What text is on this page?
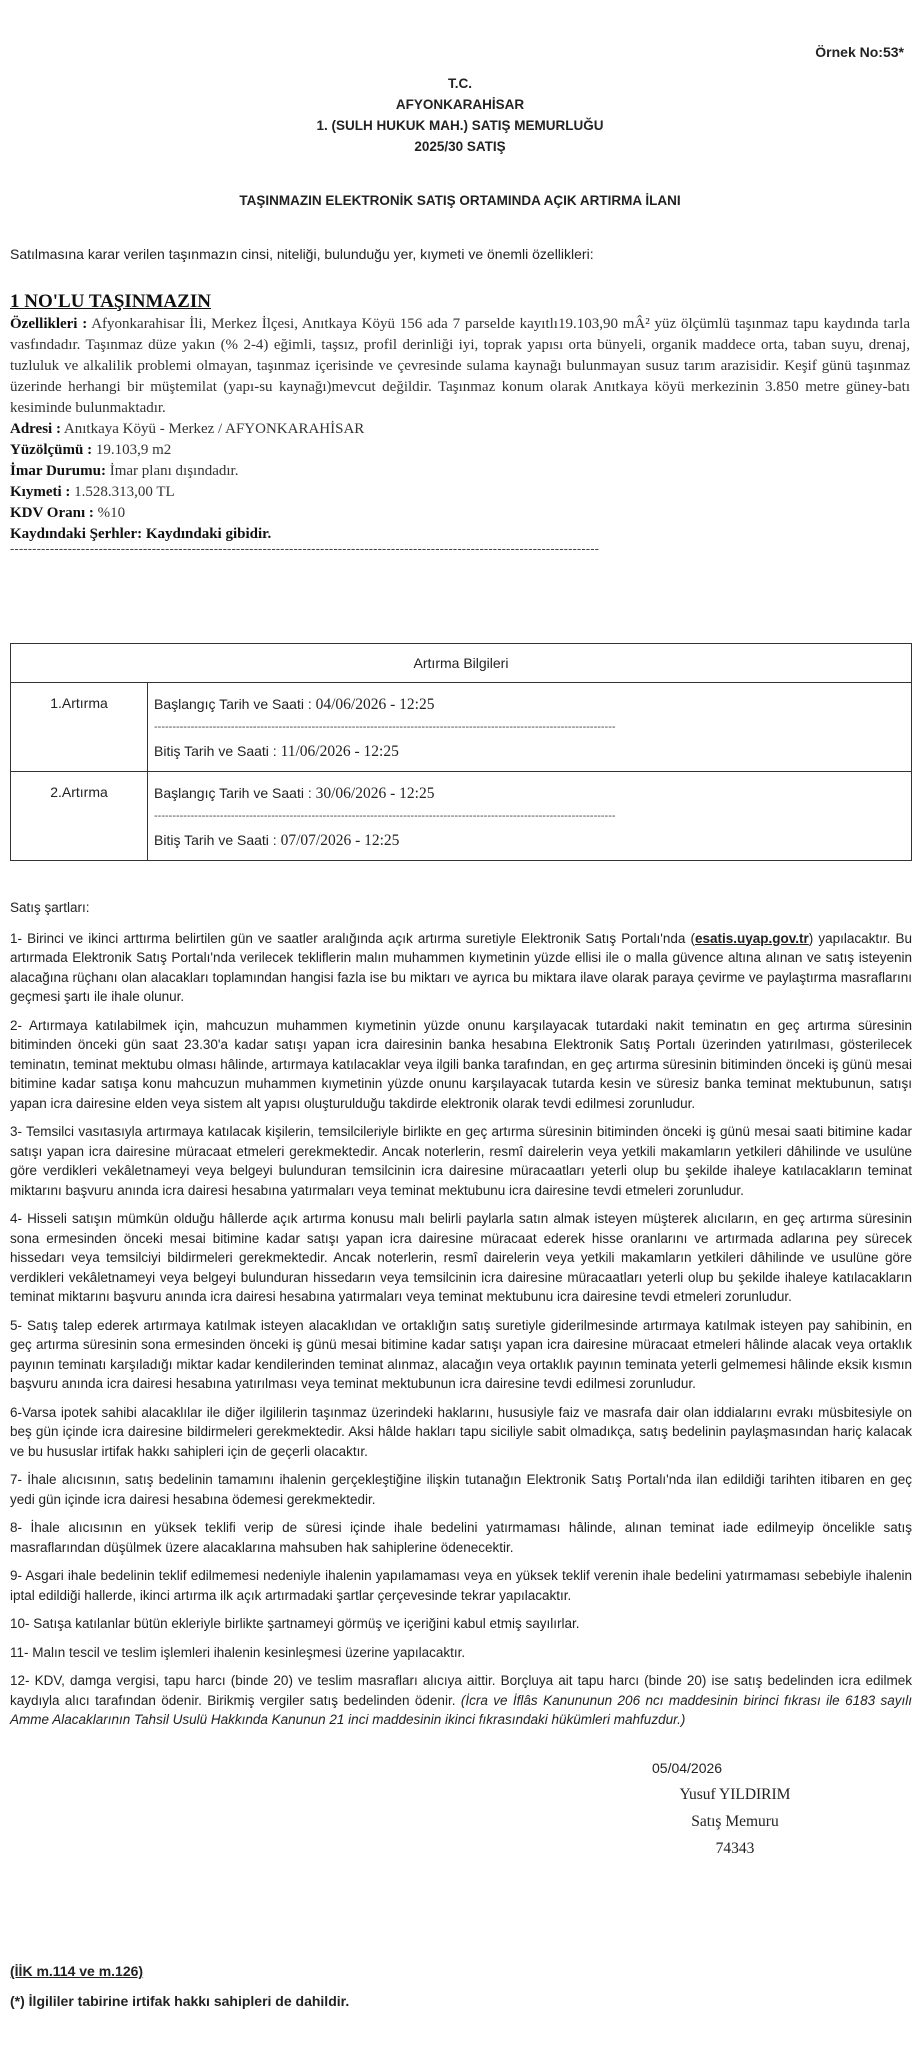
Örnek No:53*
T.C.
AFYONKARAHİSAR
1. (SULH HUKUK MAH.) SATIŞ MEMURLUĞU
2025/30 SATIŞ
TAŞINMAZIN ELEKTRONİK SATIŞ ORTAMINDA AÇIK ARTIRMA İLANI
Satılmasına karar verilen taşınmazın cinsi, niteliği, bulunduğu yer, kıymeti ve önemli özellikleri:
1 NO'LU TAŞINMAZIN

Özellikleri : Afyonkarahisar İli, Merkez İlçesi, Anıtkaya Köyü 156 ada 7 parselde kayıtlı19.103,90 mÂ² yüz ölçümlü taşınmaz tapu kaydında tarla vasfındadır. Taşınmaz düze yakın (% 2-4) eğimli, taşsız, profil derinliği iyi, toprak yapısı orta bünyeli, organik maddece orta, taban suyu, drenaj, tuzluluk ve alkalilik problemi olmayan, taşınmaz içerisinde ve çevresinde sulama kaynağı bulunmayan susuz tarım arazisidir. Keşif günü taşınmaz üzerinde herhangi bir müştemilat (yapı-su kaynağı)mevcut değildir. Taşınmaz konum olarak Anıtkaya köyü merkezinin 3.850 metre güney-batı kesiminde bulunmaktadır.

Adresi : Anıtkaya Köyü - Merkez / AFYONKARAHİSAR

Yüzölçümü : 19.103,9 m2

İmar Durumu: İmar planı dışındadır.

Kıymeti : 1.528.313,00 TL

KDV Oranı : %10

Kaydındaki Şerhler: Kaydındaki gibidir.

-------------------------------------------------------------------------------------------------------------------------------------
Artırma Bilgileri	
1.Artırma	Başlangıç Tarih ve Saati : 04/06/2026 - 12:25
------------------------------------------------------------------------------------------------------------------------------
Bitiş Tarih ve Saati : 11/06/2026 - 12:25

2.Artırma	Başlangıç Tarih ve Saati : 30/06/2026 - 12:25
------------------------------------------------------------------------------------------------------------------------------
Bitiş Tarih ve Saati : 07/07/2026 - 12:25

Satış şartları:

1- Birinci ve ikinci arttırma belirtilen gün ve saatler aralığında açık artırma suretiyle Elektronik Satış Portalı'nda (esatis.uyap.gov.tr) yapılacaktır. Bu artırmada Elektronik Satış Portalı'nda verilecek tekliflerin malın muhammen kıymetinin yüzde ellisi ile o malla güvence altına alınan ve satış isteyenin alacağına rüçhanı olan alacakları toplamından hangisi fazla ise bu miktarı ve ayrıca bu miktara ilave olarak paraya çevirme ve paylaştırma masraflarını geçmesi şartı ile ihale olunur.

2- Artırmaya katılabilmek için, mahcuzun muhammen kıymetinin yüzde onunu karşılayacak tutardaki nakit teminatın en geç artırma süresinin bitiminden önceki gün saat 23.30'a kadar satışı yapan icra dairesinin banka hesabına Elektronik Satış Portalı üzerinden yatırılması, gösterilecek teminatın, teminat mektubu olması hâlinde, artırmaya katılacaklar veya ilgili banka tarafından, en geç artırma süresinin bitiminden önceki iş günü mesai bitimine kadar satışa konu mahcuzun muhammen kıymetinin yüzde onunu karşılayacak tutarda kesin ve süresiz banka teminat mektubunun, satışı yapan icra dairesine elden veya sistem alt yapısı oluşturulduğu takdirde elektronik olarak tevdi edilmesi zorunludur.

3- Temsilci vasıtasıyla artırmaya katılacak kişilerin, temsilcileriyle birlikte en geç artırma süresinin bitiminden önceki iş günü mesai saati bitimine kadar satışı yapan icra dairesine müracaat etmeleri gerekmektedir. Ancak noterlerin, resmî dairelerin veya yetkili makamların yetkileri dâhilinde ve usulüne göre verdikleri vekâletnameyi veya belgeyi bulunduran temsilcinin icra dairesine müracaatları yeterli olup bu şekilde ihaleye katılacakların teminat miktarını başvuru anında icra dairesi hesabına yatırmaları veya teminat mektubunu icra dairesine tevdi etmeleri zorunludur.

4- Hisseli satışın mümkün olduğu hâllerde açık artırma konusu malı belirli paylarla satın almak isteyen müşterek alıcıların, en geç artırma süresinin sona ermesinden önceki mesai bitimine kadar satışı yapan icra dairesine müracaat ederek hisse oranlarını ve artırmada adlarına pey sürecek hissedarı veya temsilciyi bildirmeleri gerekmektedir. Ancak noterlerin, resmî dairelerin veya yetkili makamların yetkileri dâhilinde ve usulüne göre verdikleri vekâletnameyi veya belgeyi bulunduran hissedarın veya temsilcinin icra dairesine müracaatları yeterli olup bu şekilde ihaleye katılacakların teminat miktarını başvuru anında icra dairesi hesabına yatırmaları veya teminat mektubunu icra dairesine tevdi etmeleri zorunludur.

5- Satış talep ederek artırmaya katılmak isteyen alacaklıdan ve ortaklığın satış suretiyle giderilmesinde artırmaya katılmak isteyen pay sahibinin, en geç artırma süresinin sona ermesinden önceki iş günü mesai bitimine kadar satışı yapan icra dairesine müracaat etmeleri hâlinde alacak veya ortaklık payının teminatı karşıladığı miktar kadar kendilerinden teminat alınmaz, alacağın veya ortaklık payının teminata yeterli gelmemesi hâlinde eksik kısmın başvuru anında icra dairesi hesabına yatırılması veya teminat mektubunun icra dairesine tevdi edilmesi zorunludur.

6-Varsa ipotek sahibi alacaklılar ile diğer ilgililerin taşınmaz üzerindeki haklarını, hususiyle faiz ve masrafa dair olan iddialarını evrakı müsbitesiyle on beş gün içinde icra dairesine bildirmeleri gerekmektedir. Aksi hâlde hakları tapu siciliyle sabit olmadıkça, satış bedelinin paylaşmasından hariç kalacak ve bu hususlar irtifak hakkı sahipleri için de geçerli olacaktır.

7- İhale alıcısının, satış bedelinin tamamını ihalenin gerçekleştiğine ilişkin tutanağın Elektronik Satış Portalı'nda ilan edildiği tarihten itibaren en geç yedi gün içinde icra dairesi hesabına ödemesi gerekmektedir.

8- İhale alıcısının en yüksek teklifi verip de süresi içinde ihale bedelini yatırmaması hâlinde, alınan teminat iade edilmeyip öncelikle satış masraflarından düşülmek üzere alacaklarına mahsuben hak sahiplerine ödenecektir.

9- Asgari ihale bedelinin teklif edilmemesi nedeniyle ihalenin yapılamaması veya en yüksek teklif verenin ihale bedelini yatırmaması sebebiyle ihalenin iptal edildiği hallerde, ikinci artırma ilk açık artırmadaki şartlar çerçevesinde tekrar yapılacaktır.

10- Satışa katılanlar bütün ekleriyle birlikte şartnameyi görmüş ve içeriğini kabul etmiş sayılırlar.

11- Malın tescil ve teslim işlemleri ihalenin kesinleşmesi üzerine yapılacaktır.

12- KDV, damga vergisi, tapu harcı (binde 20) ve teslim masrafları alıcıya aittir. Borçluya ait tapu harcı (binde 20) ise satış bedelinden icra edilmek kaydıyla alıcı tarafından ödenir. Birikmiş vergiler satış bedelinden ödenir. (İcra ve İflâs Kanununun 206 ncı maddesinin birinci fıkrası ile 6183 sayılı Amme Alacaklarının Tahsil Usulü Hakkında Kanunun 21 inci maddesinin ikinci fıkrasındaki hükümleri mahfuzdur.)

05/04/2026
Yusuf YILDIRIM
Satış Memuru
74343
(İİK m.114 ve m.126)
(*) İlgililer tabirine irtifak hakkı sahipleri de dahildir.
